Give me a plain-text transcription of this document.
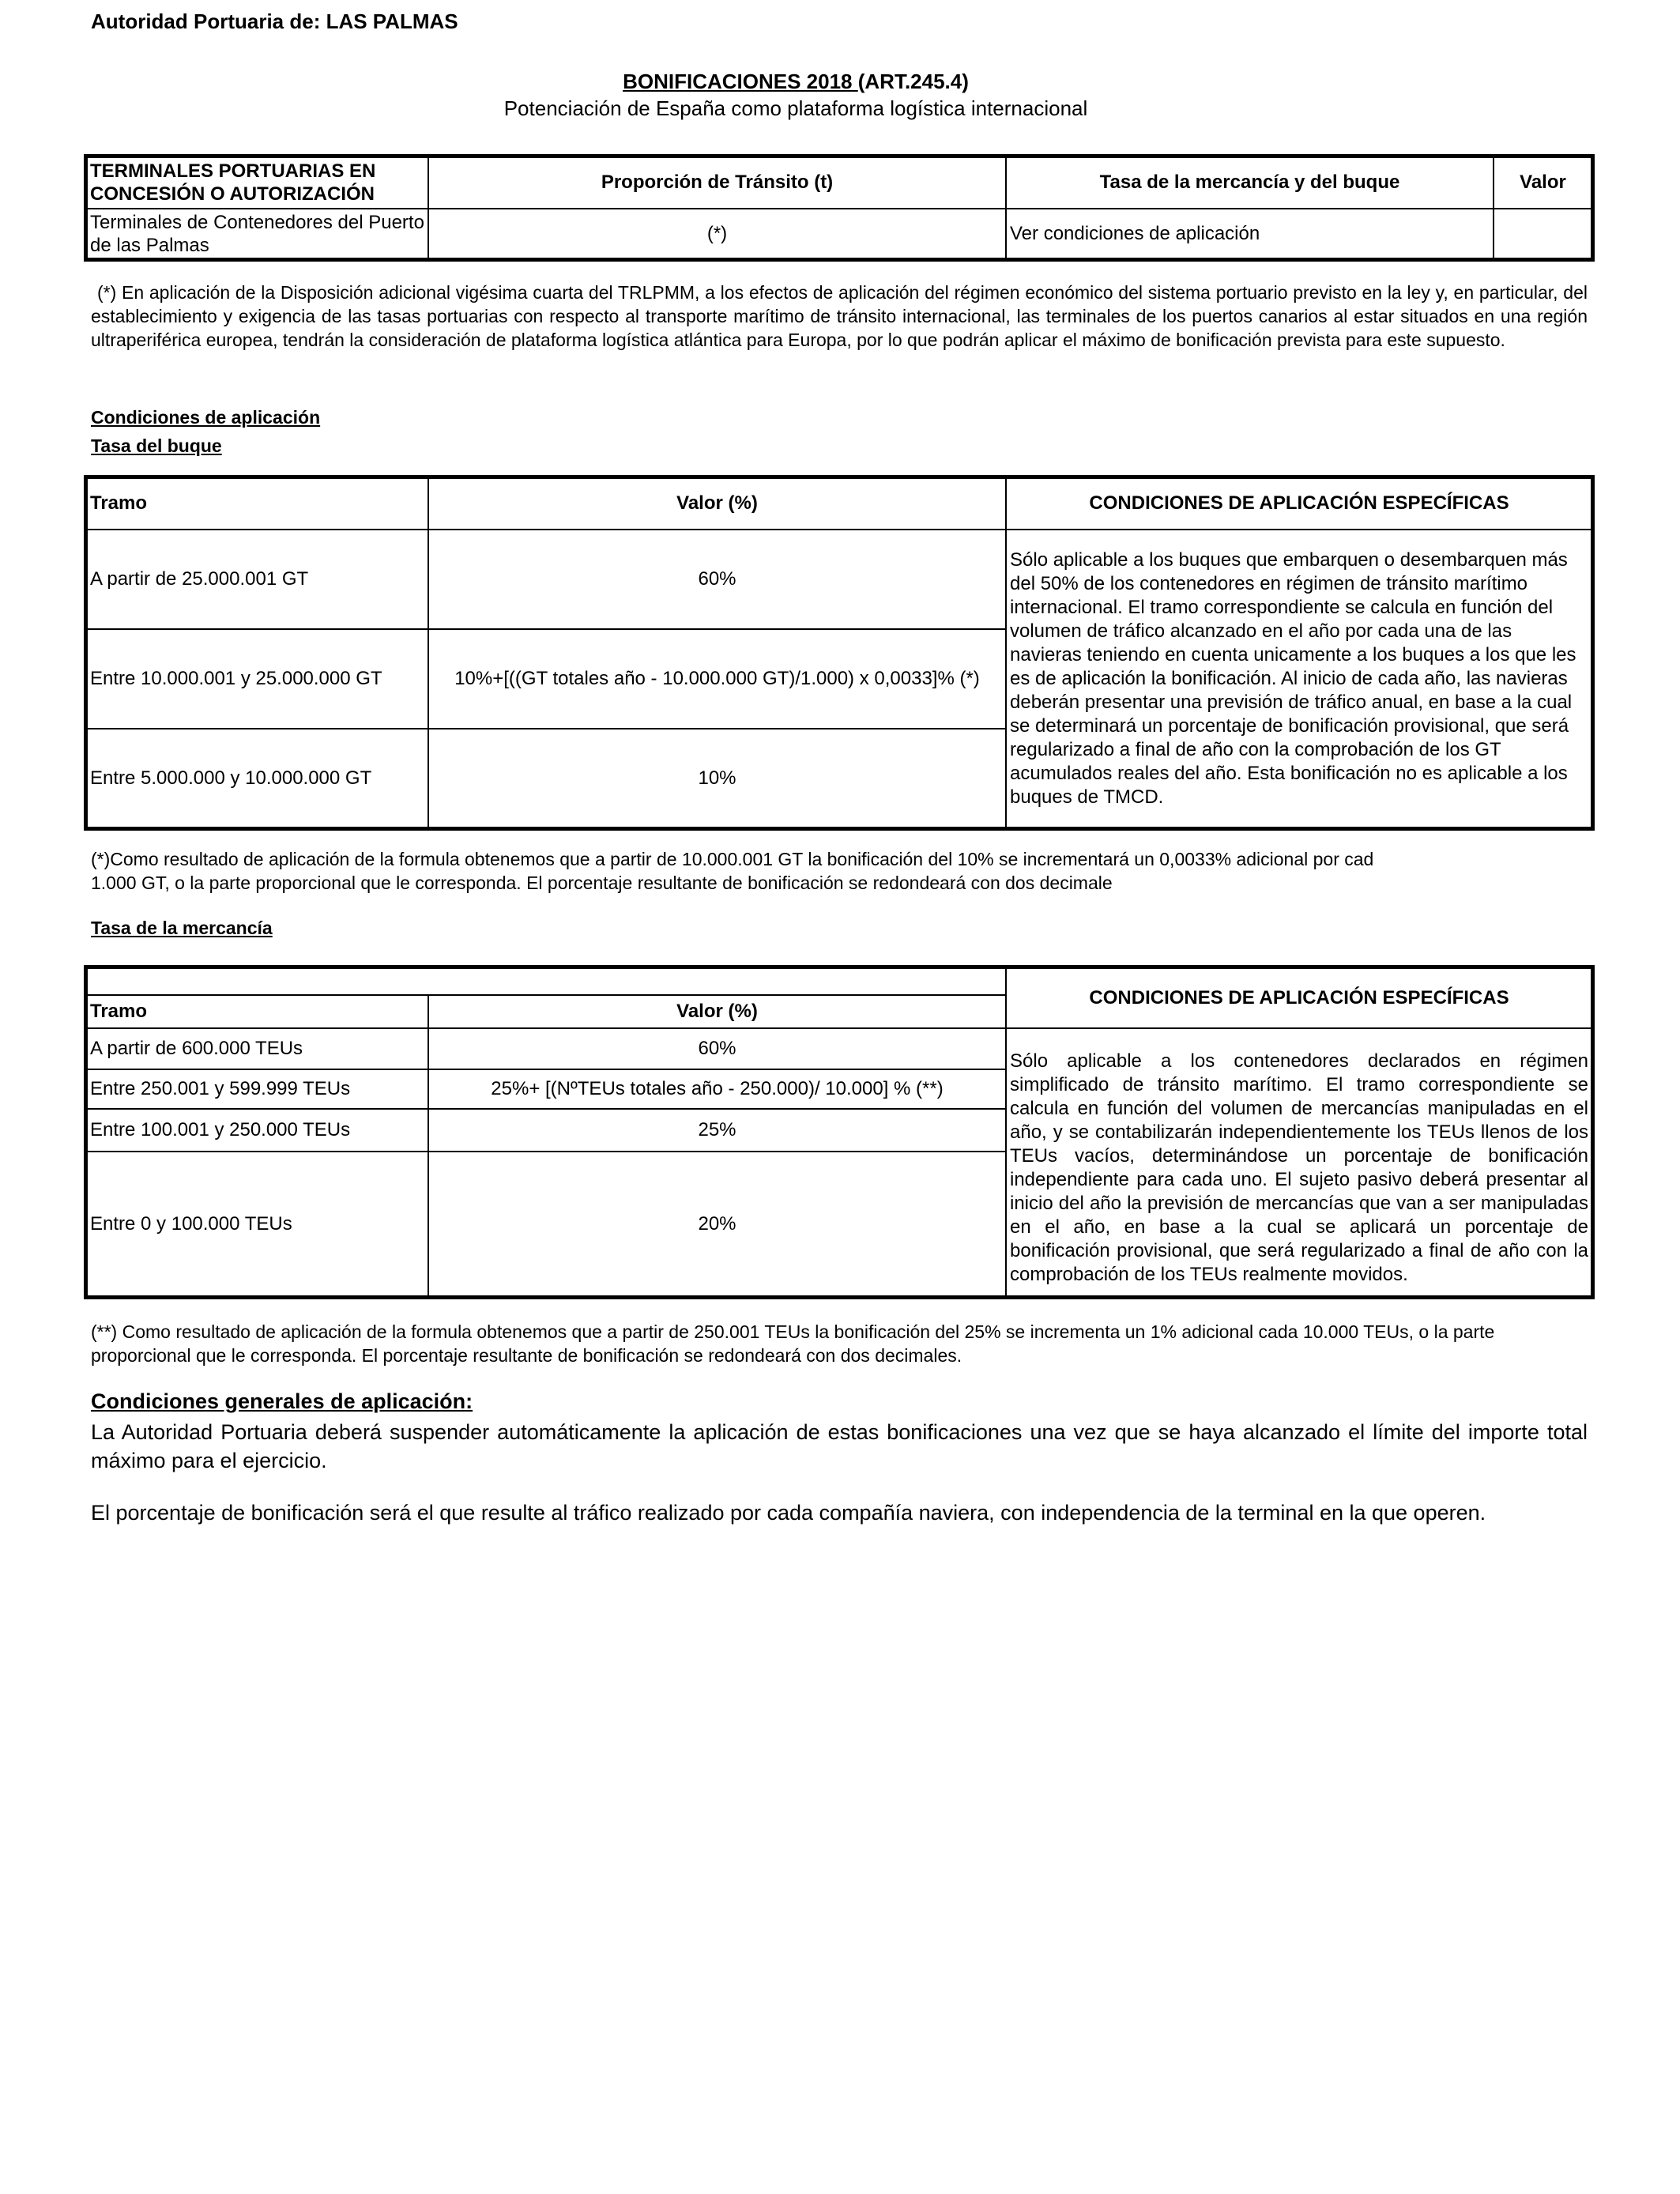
Autoridad Portuaria de: LAS PALMAS
BONIFICACIONES 2018 (ART.245.4)
Potenciación de España como plataforma logística internacional
TERMINALES PORTUARIAS EN CONCESIÓN O AUTORIZACIÓN	Proporción de Tránsito (t)	Tasa de la mercancía y del buque	Valor
Terminales de Contenedores del Puerto de las Palmas	(*)	Ver condiciones de aplicación	
(*) En aplicación de la Disposición adicional vigésima cuarta del TRLPMM, a los efectos de aplicación del régimen económico del sistema portuario previsto en la ley y, en particular, del establecimiento y exigencia de las tasas portuarias con respecto al transporte marítimo de tránsito internacional, las terminales de los puertos canarios al estar situados en una región ultraperiférica europea, tendrán la consideración de plataforma logística atlántica para Europa, por lo que podrán aplicar el máximo de bonificación prevista para este supuesto.
Condiciones de aplicación
Tasa del buque
Tramo	Valor (%)	CONDICIONES DE APLICACIÓN ESPECÍFICAS
A partir de 25.000.001 GT	60%	Sólo aplicable a los buques que embarquen o desembarquen más del 50% de los contenedores en régimen de tránsito marítimo internacional. El tramo correspondiente se calcula en función del volumen de tráfico alcanzado en el año por cada una de las navieras teniendo en cuenta unicamente a los buques a los que les es de aplicación la bonificación. Al inicio de cada año, las navieras deberán presentar una previsión de tráfico anual, en base a la cual se determinará un porcentaje de bonificación provisional, que será regularizado a final de año con la comprobación de los GT acumulados reales del año. Esta bonificación no es aplicable a los buques de TMCD.
Entre 10.000.001 y 25.000.000 GT	10%+[((GT totales año - 10.000.000 GT)/1.000) x 0,0033]% (*)	
Entre 5.000.000 y 10.000.000 GT	10%	
(*)Como resultado de aplicación de la formula obtenemos que a partir de 10.000.001 GT la bonificación del 10% se incrementará un 0,0033% adicional por cad
1.000 GT, o la parte proporcional que le corresponda. El porcentaje resultante de bonificación se redondeará con dos decimale
Tasa de la mercancía
		CONDICIONES DE APLICACIÓN ESPECÍFICAS
Tramo	Valor (%)	
A partir de 600.000 TEUs	60%	Sólo aplicable a los contenedores declarados en régimen simplificado de tránsito marítimo. El tramo correspondiente se calcula en función del volumen de mercancías manipuladas en el año, y se contabilizarán independientemente los TEUs llenos de los TEUs vacíos, determinándose un porcentaje de bonificación independiente para cada uno. El sujeto pasivo deberá presentar al inicio del año la previsión de mercancías que van a ser manipuladas en el año, en base a la cual se aplicará un porcentaje de bonificación provisional, que será regularizado a final de año con la comprobación de los TEUs realmente movidos.
Entre 250.001 y 599.999 TEUs	25%+ [(NºTEUs totales año - 250.000)/ 10.000] % (**)	
Entre 100.001 y 250.000 TEUs	25%	
Entre 0 y 100.000 TEUs	20%	
(**) Como resultado de aplicación de la formula obtenemos que a partir de 250.001 TEUs la bonificación del 25% se incrementa un 1% adicional cada 10.000 TEUs, o la parte proporcional que le corresponda. El porcentaje resultante de bonificación se redondeará con dos decimales.
Condiciones generales de aplicación:
La Autoridad Portuaria deberá suspender automáticamente la aplicación de estas bonificaciones una vez que se haya alcanzado el límite del importe total máximo para el ejercicio.
El porcentaje de bonificación será el que resulte al tráfico realizado por cada compañía naviera, con independencia de la terminal en la que operen.
